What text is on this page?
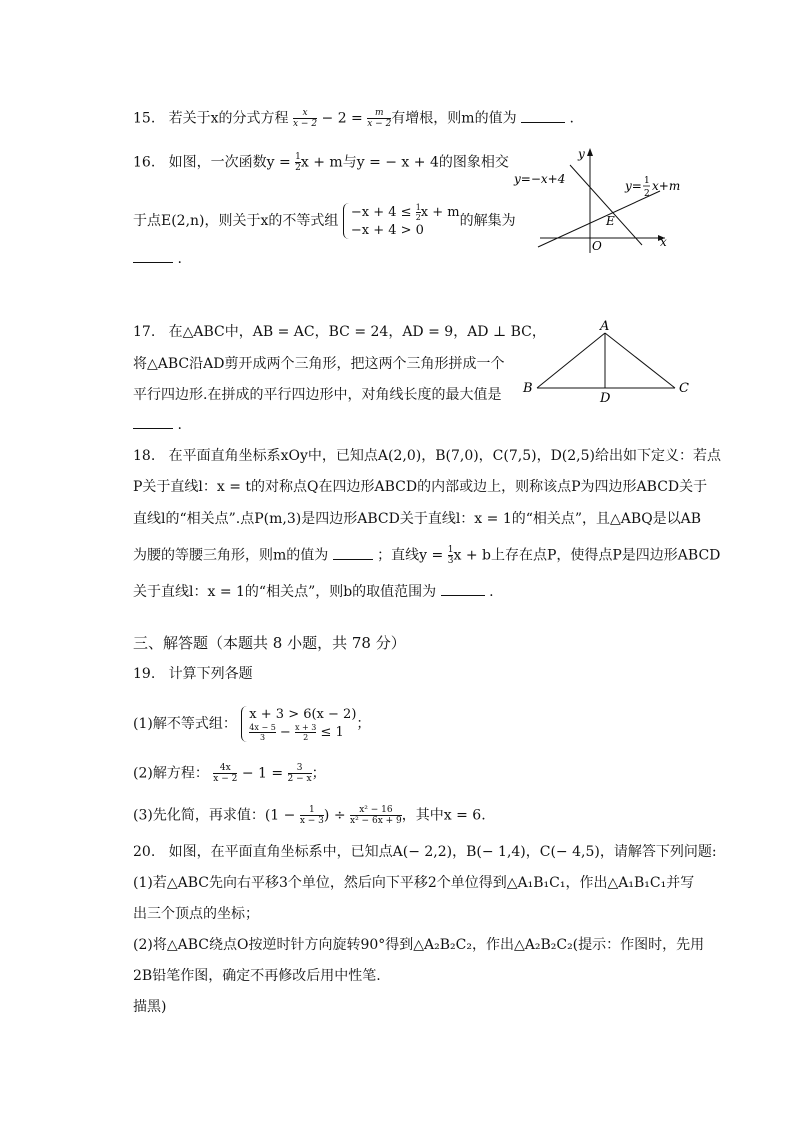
15. 若关于x的分式方程 $\frac{x}{x - 2} - 2 = \frac{m}{x - 2}$ 有增根，则m的值为	.
16. 如图，一次函数$y = \frac{1}{2}$ x + m与y = − x + 4的图象相交
于点E(2,n)，则关于x的不等式组
$-x + 4 \le \frac{1}{2}$ x + m
−x + 4 > 0
的解集为
.
y=−x+4	y= 1
2
x+m
x
y
O
E
17. 在△ABC中，AB = AC，BC = 24，AD = 9，AD ⊥ BC，
将△ABC沿AD剪开成两个三角形，把这两个三角形拼成一个
平行四边形.在拼成的平行四边形中，对角线长度的最大值是
.
A
B	C
D
18. 在平面直角坐标系xOy中，已知点A(2,0)，B(7,0)，C(7,5)，D(2,5)给出如下定义：若点
P关于直线l：x = t的对称点Q在四边形ABCD的内部或边上，则称该点P为四边形ABCD关于
直线l的“相关点”.点P(m,3)是四边形ABCD关于直线l：x = 1的“相关点”，且△ABQ是以AB
为腰的等腰三角形，则m的值为	；直线$y = \frac{1}{3}$ x + b上存在点P，使得点P是四边形ABCD
关于直线l：x = 1的“相关点”，则b的取值范围为	.
三、解答题（本题共 8 小题，共 78 分）
19. 计算下列各题
(1)解不等式组：
x + 3 > 6(x − 2)
$\frac{4x - 5}{3} - \frac{x + 3}{2} \le 1$
；
(2)解方程： $\frac{4x}{x - 2} - 1 = \frac{3}{2 - x}$ ；
(3)先化简，再求值：($1 - \frac{1}{x - 3}$ ) ÷ $\frac{\text{x² − 16}}{\text{x² − 6x + 9}}$ ，其中x = 6.
20. 如图，在平面直角坐标系中，已知点A(− 2,2)，B(− 1,4)，C(− 4,5)，请解答下列问题:
(1)若△ABC先向右平移3个单位，然后向下平移2个单位得到△A₁B₁C₁，作出△A₁B₁C₁并写
出三个顶点的坐标；
(2)将△ABC绕点O按逆时针方向旋转90°得到△A₂B₂C₂，作出△A₂B₂C₂(提示：作图时，先用
2B铅笔作图，确定不再修改后用中性笔.
描黑)
